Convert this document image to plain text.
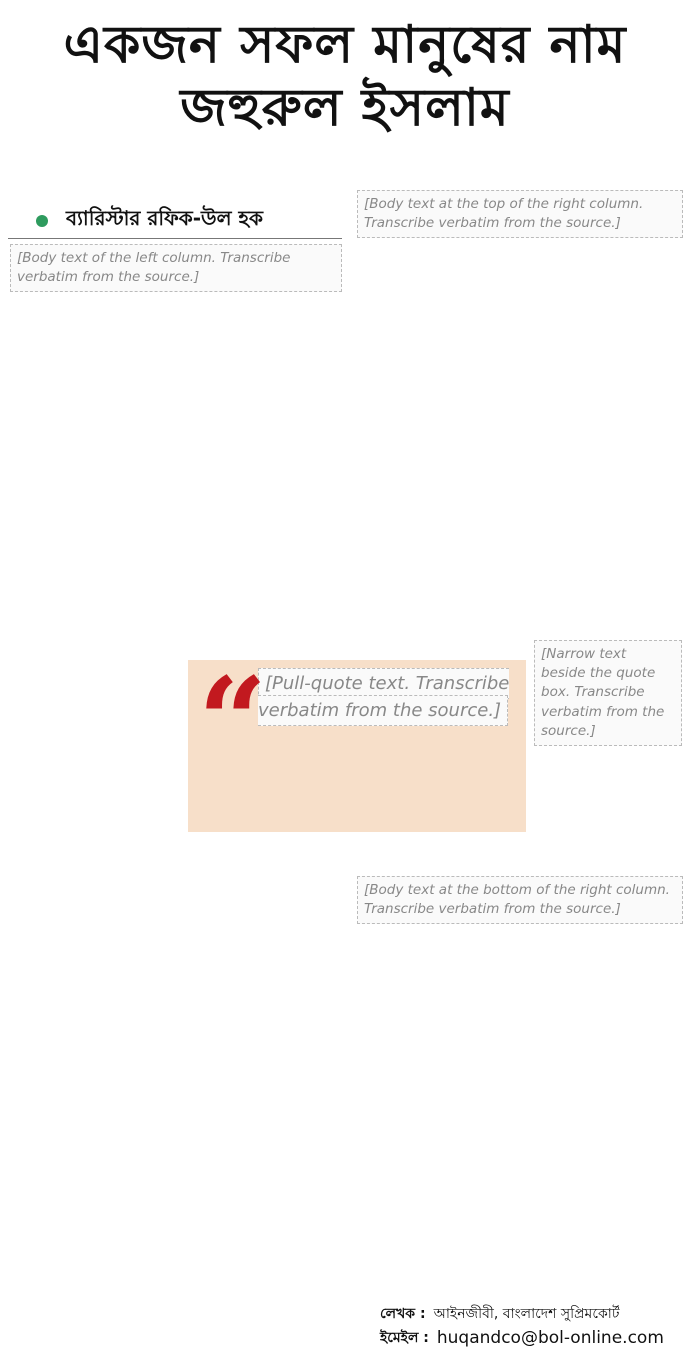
একজন সফল মানুষের নাম
জহুরুল ইসলাম
ব্যারিস্টার রফিক-উল হক

[Body text of the left column. Transcribe verbatim from the source.]

[Body text at the top of the right column. Transcribe verbatim from the source.]

“
[Pull-quote text. Transcribe verbatim from the source.]

[Narrow text beside the quote box. Transcribe verbatim from the source.]

[Body text at the bottom of the right column. Transcribe verbatim from the source.]

লেখক : আইনজীবী, বাংলাদেশ সুপ্রিমকোর্ট
ইমেইল : huqandco@bol-online.com
